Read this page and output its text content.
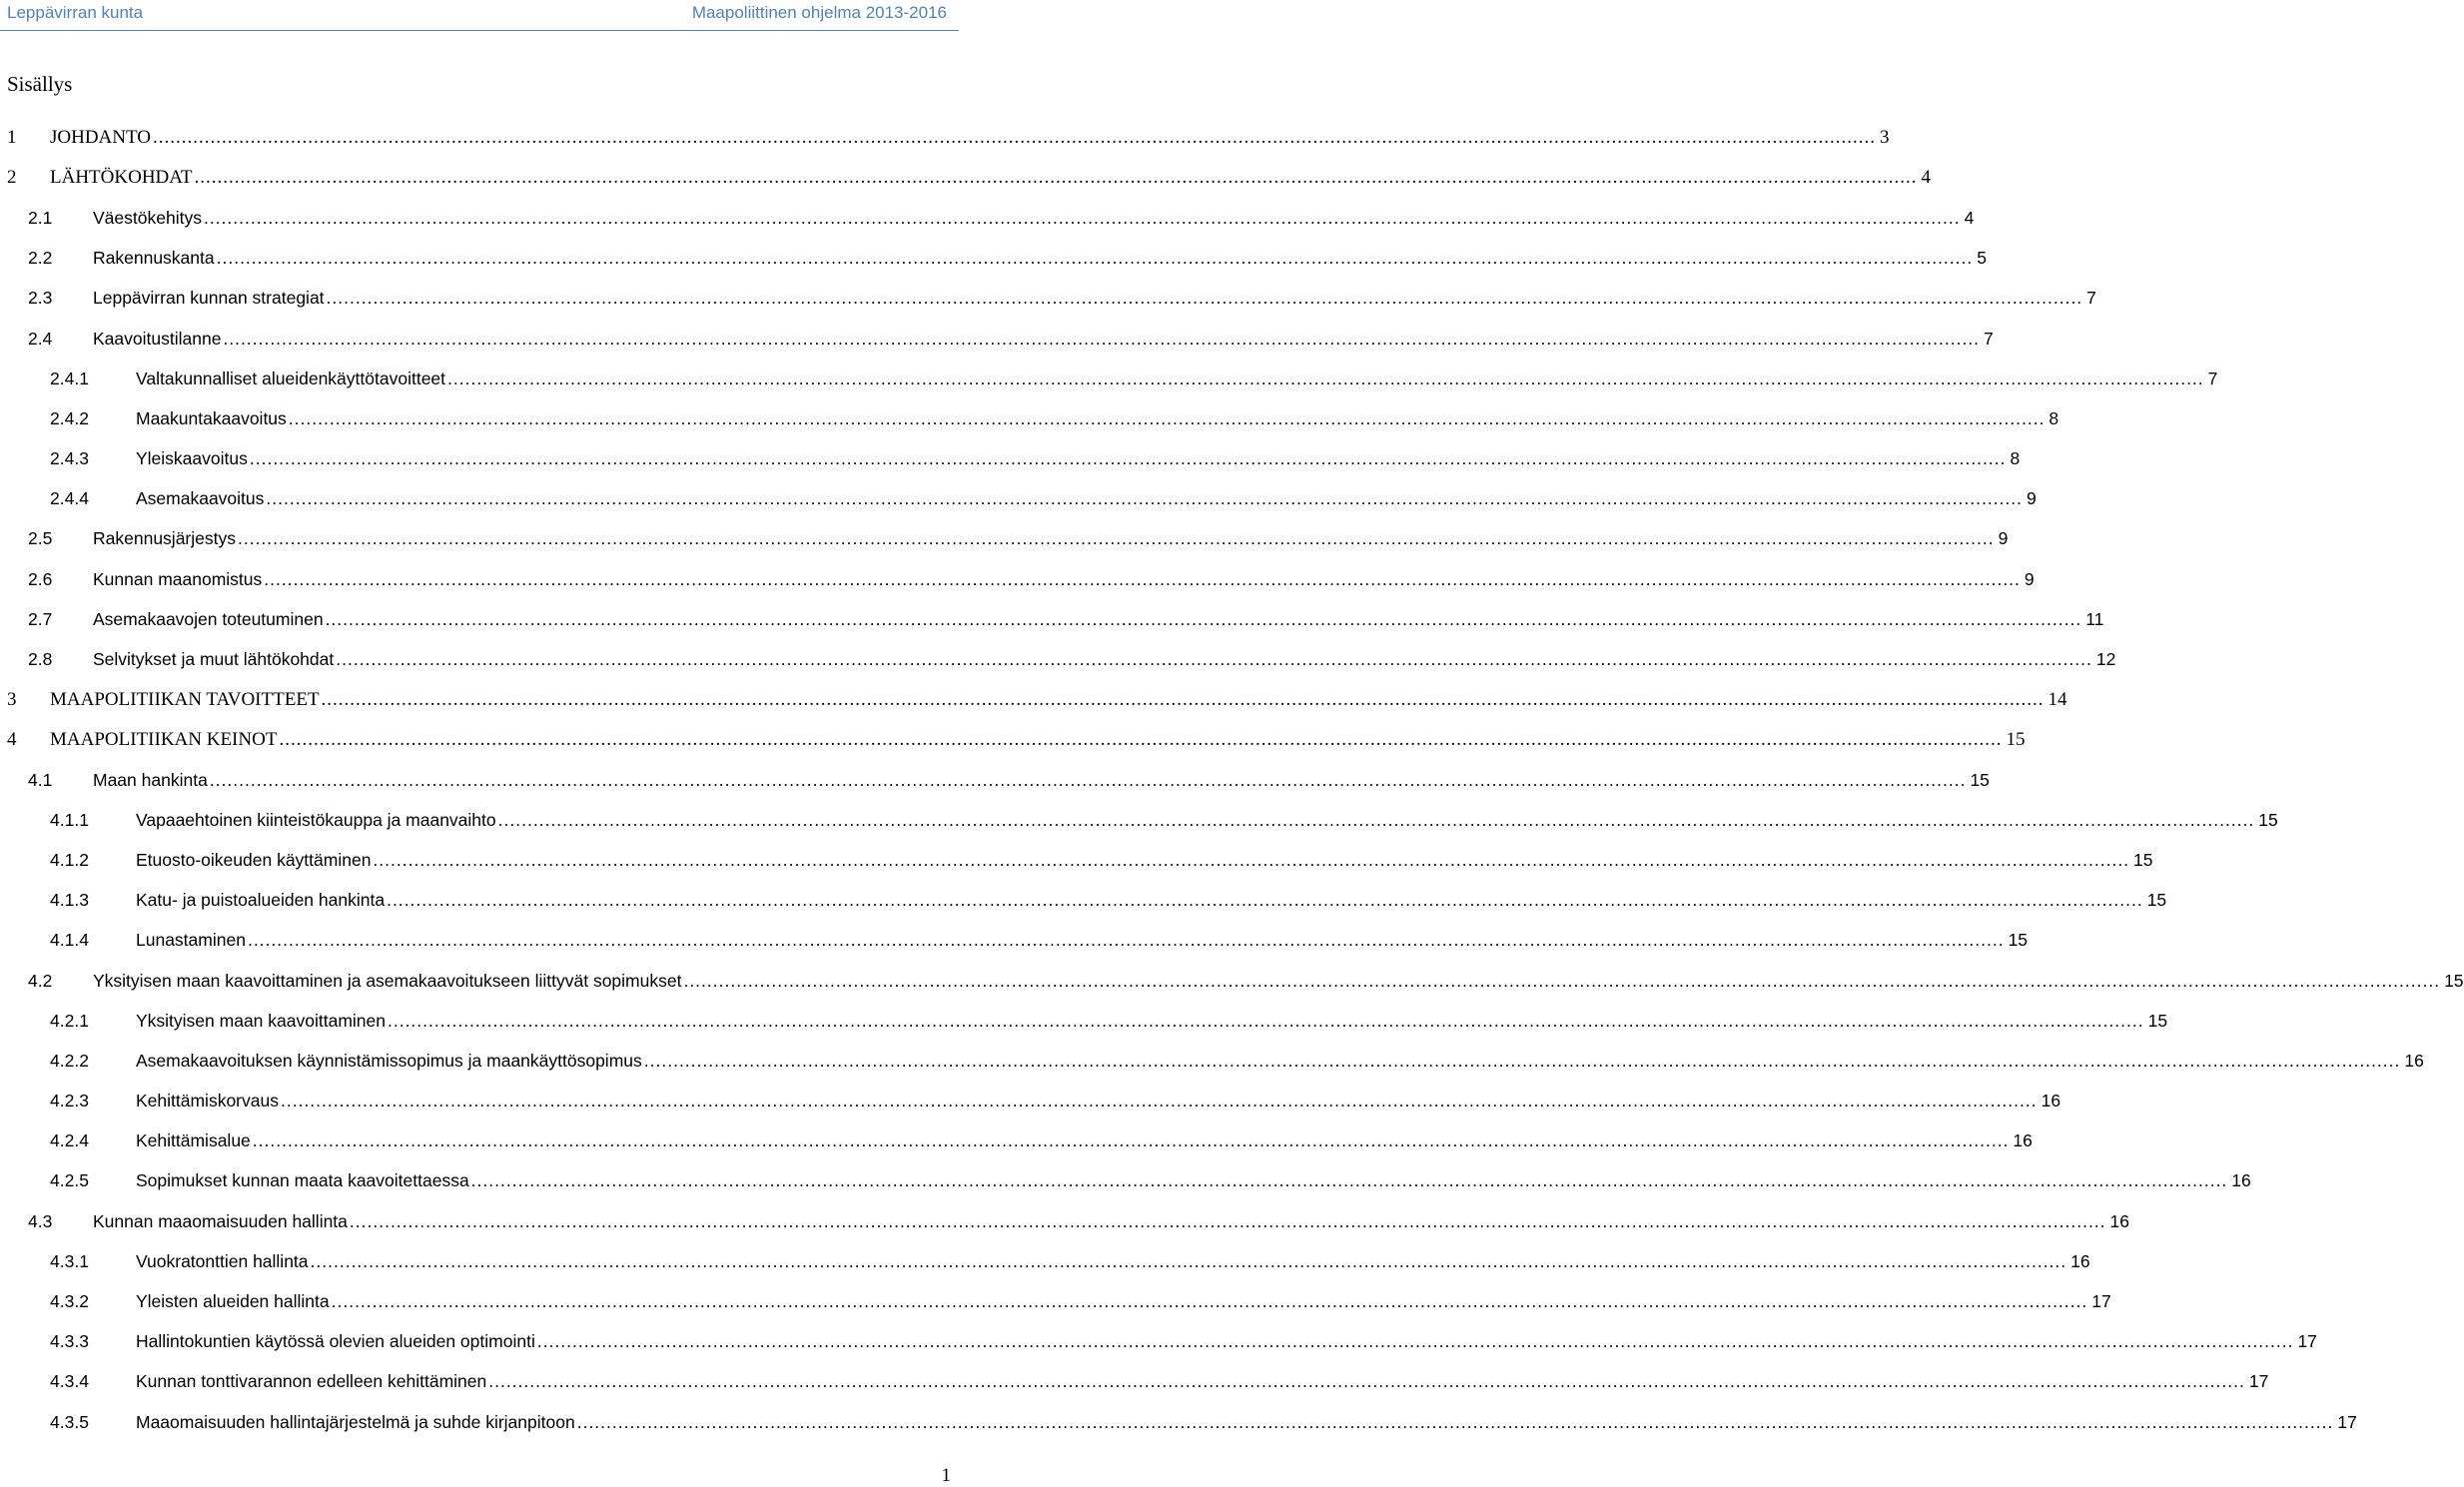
Leppävirran kunta	Maapoliittinen ohjelma 2013-2016
Sisällys
1 JOHDANTO ............................................................................................................................................................................................................................................................................................................ 3
2 LÄHTÖKOHDAT ............................................................................................................................................................................................................................................................................................................ 4
2.1 Väestökehitys ............................................................................................................................................................................................................................................................................................................ 4
2.2 Rakennuskanta ............................................................................................................................................................................................................................................................................................................ 5
2.3 Leppävirran kunnan strategiat ............................................................................................................................................................................................................................................................................................................ 7
2.4 Kaavoitustilanne ............................................................................................................................................................................................................................................................................................................ 7
2.4.1	Valtakunnalliset alueidenkäyttötavoitteet ............................................................................................................................................................................................................................................................................................................ 7
2.4.2	Maakuntakaavoitus ............................................................................................................................................................................................................................................................................................................ 8
2.4.3	Yleiskaavoitus ............................................................................................................................................................................................................................................................................................................ 8
2.4.4	Asemakaavoitus ............................................................................................................................................................................................................................................................................................................ 9
2.5 Rakennusjärjestys ............................................................................................................................................................................................................................................................................................................ 9
2.6 Kunnan maanomistus ............................................................................................................................................................................................................................................................................................................ 9
2.7 Asemakaavojen toteutuminen ............................................................................................................................................................................................................................................................................................................ 11
2.8 Selvitykset ja muut lähtökohdat ............................................................................................................................................................................................................................................................................................................ 12
3 MAAPOLITIIKAN TAVOITTEET ............................................................................................................................................................................................................................................................................................................ 14
4 MAAPOLITIIKAN KEINOT ............................................................................................................................................................................................................................................................................................................ 15
4.1 Maan hankinta ............................................................................................................................................................................................................................................................................................................ 15
4.1.1	Vapaaehtoinen kiinteistökauppa ja maanvaihto ............................................................................................................................................................................................................................................................................................................ 15
4.1.2	Etuosto-oikeuden käyttäminen ............................................................................................................................................................................................................................................................................................................ 15
4.1.3	Katu- ja puistoalueiden hankinta ............................................................................................................................................................................................................................................................................................................ 15
4.1.4	Lunastaminen ............................................................................................................................................................................................................................................................................................................ 15
4.2 Yksityisen maan kaavoittaminen ja asemakaavoitukseen liittyvät sopimukset ............................................................................................................................................................................................................................................................................................................ 15
4.2.1	Yksityisen maan kaavoittaminen ............................................................................................................................................................................................................................................................................................................ 15
4.2.2	Asemakaavoituksen käynnistämissopimus ja maankäyttösopimus ............................................................................................................................................................................................................................................................................................................ 16
4.2.3	Kehittämiskorvaus ............................................................................................................................................................................................................................................................................................................ 16
4.2.4	Kehittämisalue ............................................................................................................................................................................................................................................................................................................ 16
4.2.5	Sopimukset kunnan maata kaavoitettaessa ............................................................................................................................................................................................................................................................................................................ 16
4.3 Kunnan maaomaisuuden hallinta ............................................................................................................................................................................................................................................................................................................ 16
4.3.1	Vuokratonttien hallinta ............................................................................................................................................................................................................................................................................................................ 16
4.3.2	Yleisten alueiden hallinta ............................................................................................................................................................................................................................................................................................................ 17
4.3.3	Hallintokuntien käytössä olevien alueiden optimointi ............................................................................................................................................................................................................................................................................................................ 17
4.3.4	Kunnan tonttivarannon edelleen kehittäminen ............................................................................................................................................................................................................................................................................................................ 17
4.3.5	Maaomaisuuden hallintajärjestelmä ja suhde kirjanpitoon ............................................................................................................................................................................................................................................................................................................ 17
1
